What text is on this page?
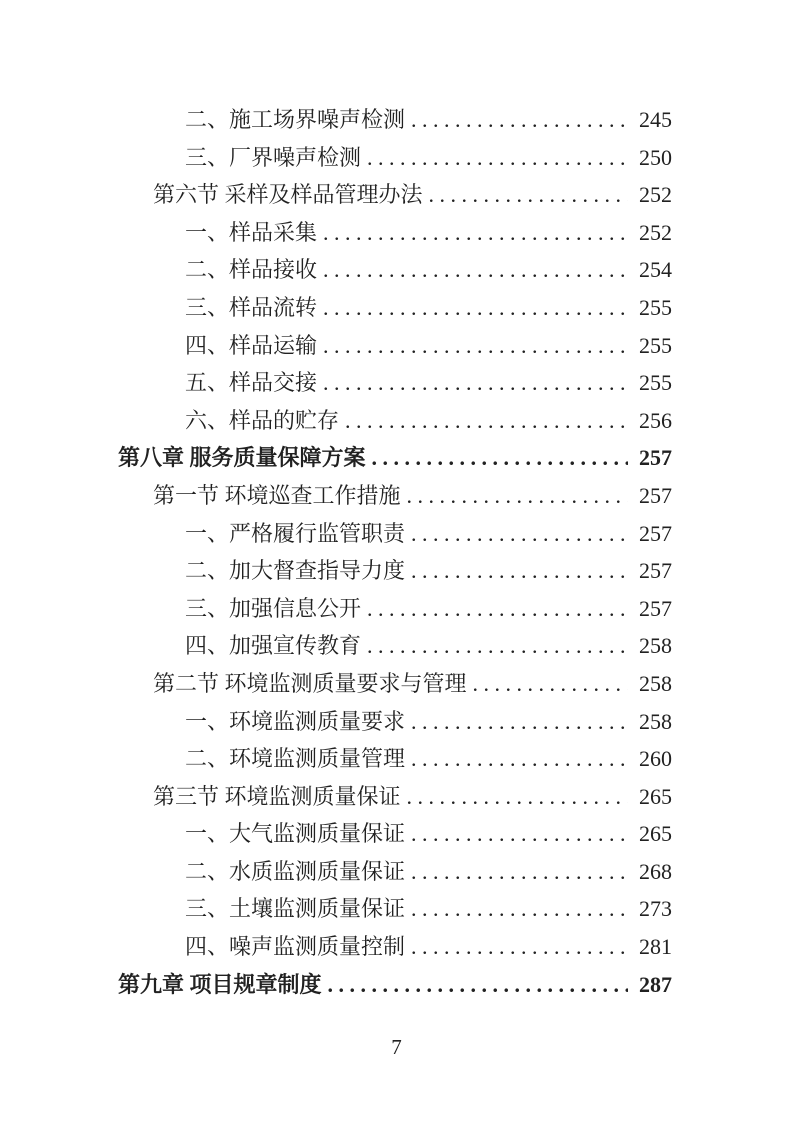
二、施工场界噪声检测 . . .	245
三、厂界噪声检测 . . .	250
第六节 采样及样品管理办法 . . .	252
一、样品采集 . . .	252
二、样品接收 . . .	254
三、样品流转 . . .	255
四、样品运输 . . .	255
五、样品交接 . . .	255
六、样品的贮存 . . .	256
第八章 服务质量保障方案 . . .	257
第一节 环境巡查工作措施 . . .	257
一、严格履行监管职责 . . .	257
二、加大督查指导力度 . . .	257
三、加强信息公开 . . .	257
四、加强宣传教育 . . .	258
第二节 环境监测质量要求与管理 . . .	258
一、环境监测质量要求 . . .	258
二、环境监测质量管理 . . .	260
第三节 环境监测质量保证 . . .	265
一、大气监测质量保证 . . .	265
二、水质监测质量保证 . . .	268
三、土壤监测质量保证 . . .	273
四、噪声监测质量控制 . . .	281
第九章 项目规章制度 . . .	287
7
